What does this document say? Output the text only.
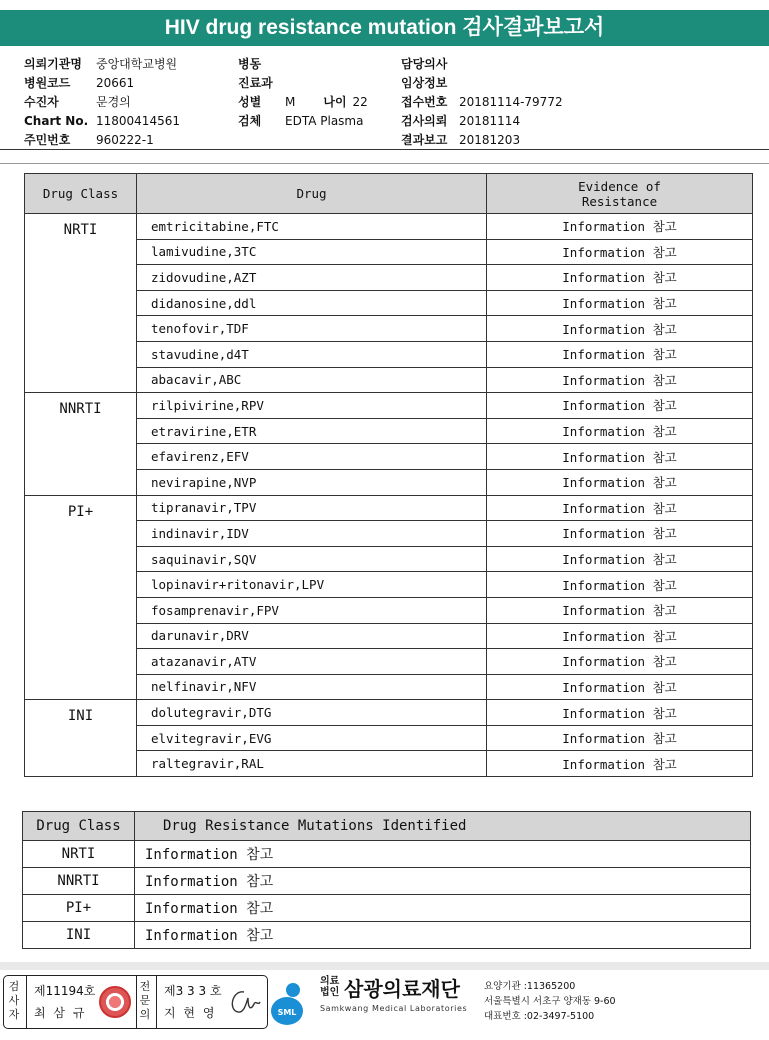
HIV drug resistance mutation 검사결과보고서
의뢰기관명 중앙대학교병원
병원코드 20661
수진자	문경의
Chart No. 11800414561
주민번호 960222-1
병동
진료과
성별 M 나이 22
검체 EDTA Plasma
담당의사
임상정보
접수번호 20181114-79772
검사의뢰 20181114
결과보고 20181203
Drug Class	Drug	Evidence of
Resistance
NRTI	emtricitabine,FTC	Information 참고
	lamivudine,3TC	Information 참고
	zidovudine,AZT	Information 참고
	didanosine,ddl	Information 참고
	tenofovir,TDF	Information 참고
	stavudine,d4T	Information 참고
	abacavir,ABC	Information 참고
NNRTI	rilpivirine,RPV	Information 참고
	etravirine,ETR	Information 참고
	efavirenz,EFV	Information 참고
	nevirapine,NVP	Information 참고
PI+	tipranavir,TPV	Information 참고
	indinavir,IDV	Information 참고
	saquinavir,SQV	Information 참고
	lopinavir+ritonavir,LPV	Information 참고
	fosamprenavir,FPV	Information 참고
	darunavir,DRV	Information 참고
	atazanavir,ATV	Information 참고
	nelfinavir,NFV	Information 참고
INI	dolutegravir,DTG	Information 참고
	elvitegravir,EVG	Information 참고
	raltegravir,RAL	Information 참고
Drug Class	Drug Resistance Mutations Identified
NRTI	Information 참고
NNRTI	Information 참고
PI+	Information 참고
INI	Information 참고
검
사
자
제11194호
최 삼 규
전
문
의
제3 3 3 호
지 현 영	SML
의료
법인 삼광의료재단
Samkwang Medical Laboratories
요양기관 :11365200
서울특별시 서초구 양재동 9-60
대표번호 :02-3497-5100
